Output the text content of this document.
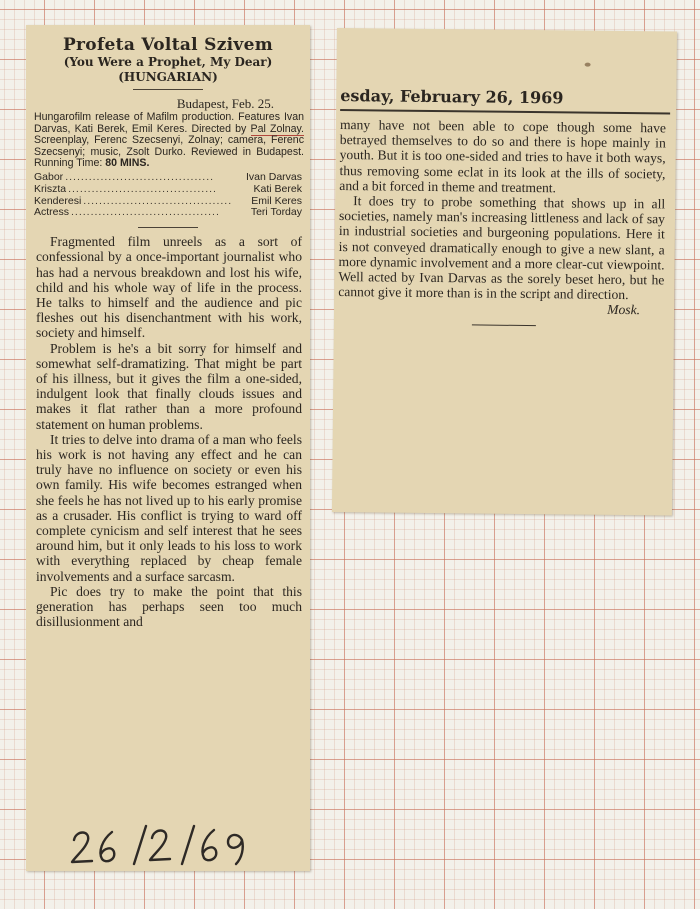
Profeta Voltal Szivem
(You Were a Prophet, My Dear)
(HUNGARIAN)
Budapest, Feb. 25.
Hungarofilm release of Mafilm production. Features Ivan Darvas, Kati Berek, Emil Keres. Directed by Pal Zolnay. Screenplay, Ferenc Szecsenyi, Zolnay; camera, Ferenc Szecsenyi; music, Zsolt Durko. Reviewed in Budapest. Running Time: 80 MINS.
Gabor ......................................	Ivan Darvas
Kriszta ......................................	Kati Berek
Kenderesi ......................................	Emil Keres
Actress ......................................	Teri Torday

Fragmented film unreels as a sort of confessional by a once-important journalist who has had a nervous breakdown and lost his wife, child and his whole way of life in the process. He talks to himself and the audience and pic fleshes out his disenchantment with his work, society and himself.

Problem is he's a bit sorry for himself and somewhat self-dramatizing. That might be part of his illness, but it gives the film a one-sided, indulgent look that finally clouds issues and makes it flat rather than a more profound statement on human problems.

It tries to delve into drama of a man who feels his work is not having any effect and he can truly have no influence on society or even his own family. His wife becomes estranged when she feels he has not lived up to his early promise as a crusader. His conflict is trying to ward off complete cynicism and self interest that he sees around him, but it only leads to his loss to work with everything replaced by cheap female involvements and a surface sarcasm.

Pic does try to make the point that this generation has perhaps seen too much disillusionment and

esday, February 26, 1969

many have not been able to cope though some have betrayed themselves to do so and there is hope mainly in youth. But it is too one-sided and tries to have it both ways, thus removing some eclat in its look at the ills of society, and a bit forced in theme and treatment.

It does try to probe something that shows up in all societies, namely man's increasing littleness and lack of say in industrial societies and burgeoning populations. Here it is not conveyed dramatically enough to give a new slant, a more dynamic involvement and a more clear-cut viewpoint. Well acted by Ivan Darvas as the sorely beset hero, but he cannot give it more than is in the script and direction.

Mosk.
